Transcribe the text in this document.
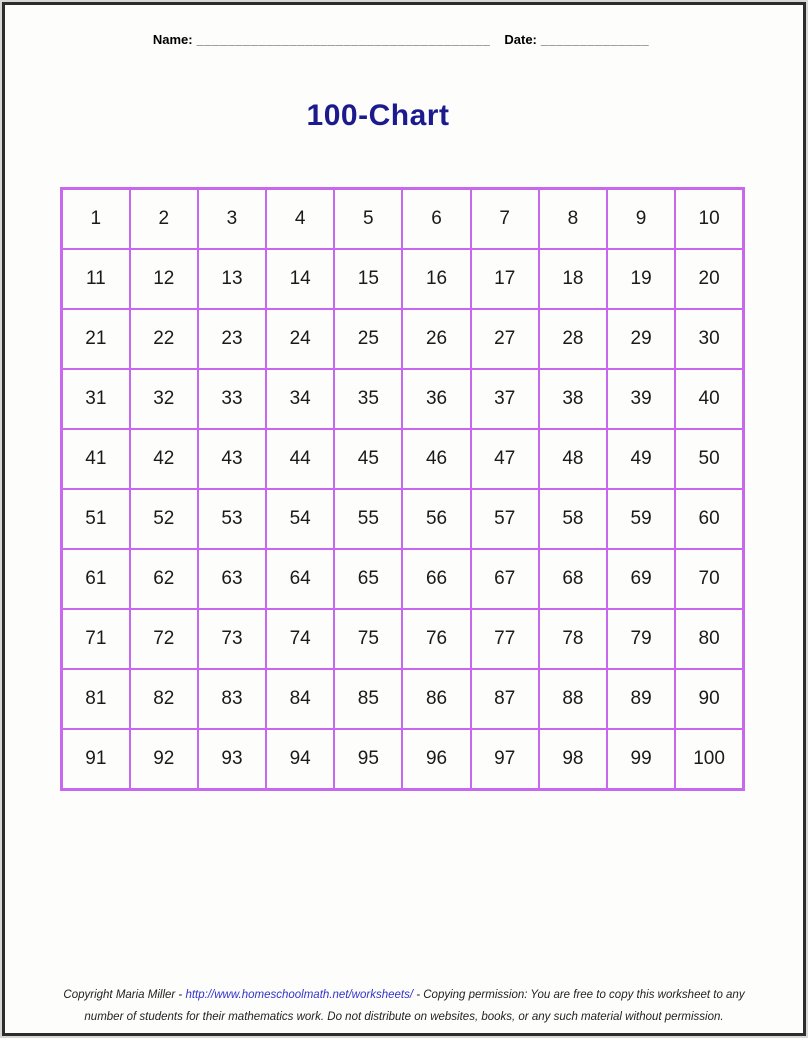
Name: ______________________________________ Date: ______________
100-Chart
1	2	3	4	5	6	7	8	9	10
11	12	13	14	15	16	17	18	19	20
21	22	23	24	25	26	27	28	29	30
31	32	33	34	35	36	37	38	39	40
41	42	43	44	45	46	47	48	49	50
51	52	53	54	55	56	57	58	59	60
61	62	63	64	65	66	67	68	69	70
71	72	73	74	75	76	77	78	79	80
81	82	83	84	85	86	87	88	89	90
91	92	93	94	95	96	97	98	99	100
Copyright Maria Miller - http://www.homeschoolmath.net/worksheets/ - Copying permission: You are free to copy this worksheet to any
number of students for their mathematics work. Do not distribute on websites, books, or any such material without permission.
